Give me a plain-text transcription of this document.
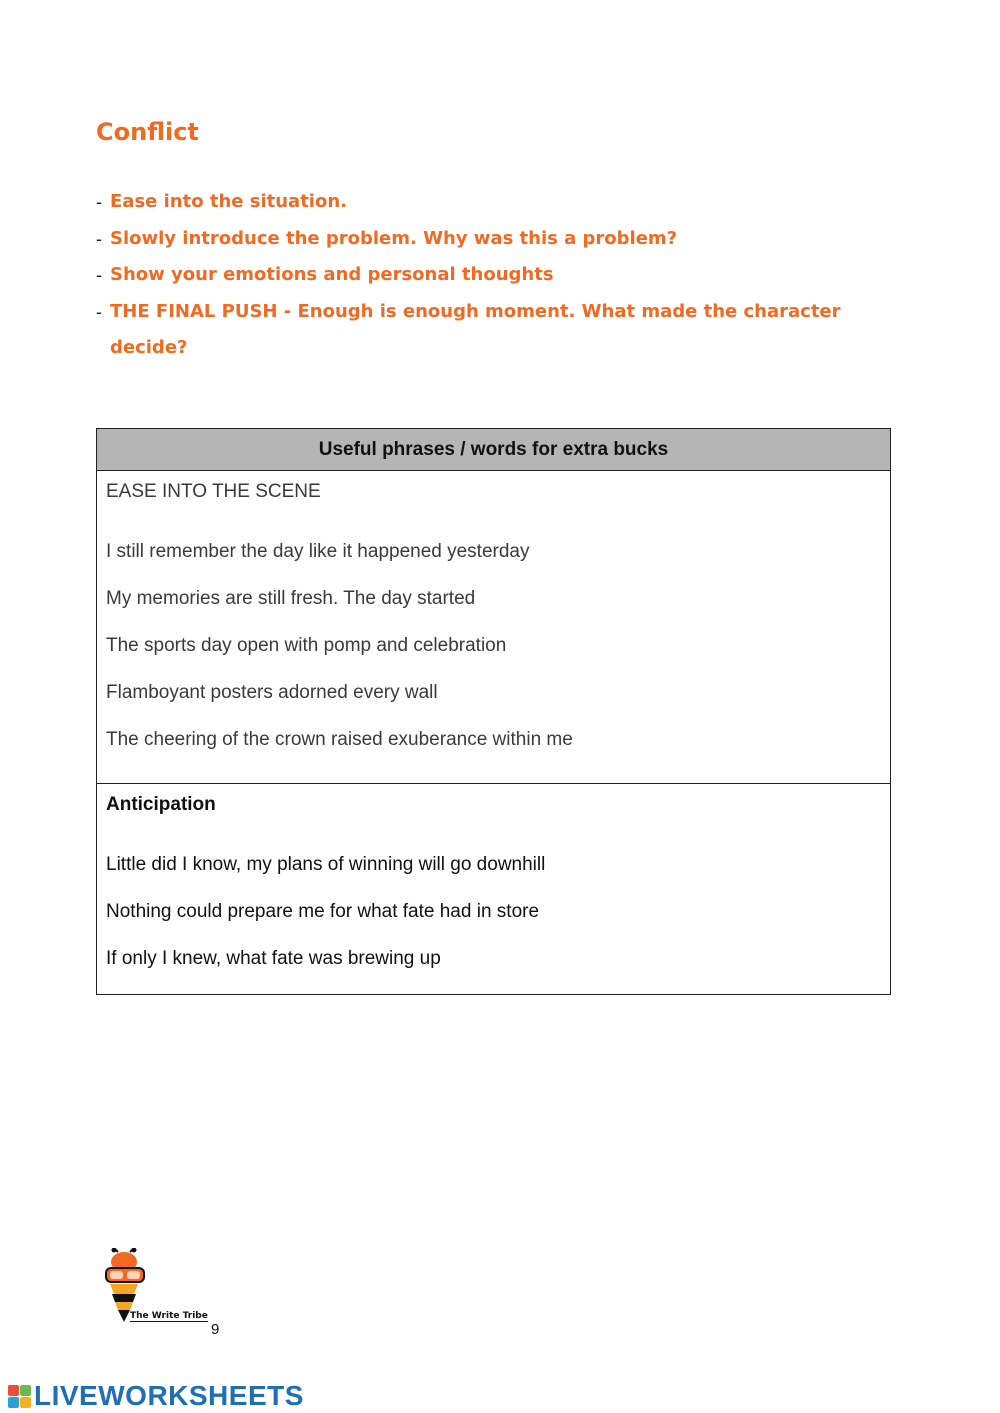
Conflict
- Ease into the situation.
- Slowly introduce the problem. Why was this a problem?
- Show your emotions and personal thoughts
- THE FINAL PUSH - Enough is enough moment. What made the character decide?
Useful phrases / words for extra bucks

EASE INTO THE SCENE
I still remember the day like it happened yesterday
My memories are still fresh. The day started
The sports day open with pomp and celebration
Flamboyant posters adorned every wall
The cheering of the crown raised exuberance within me

Anticipation
Little did I know, my plans of winning will go downhill
Nothing could prepare me for what fate had in store
If only I knew, what fate was brewing up
The Write Tribe
9
LIVEWORKSHEETS
